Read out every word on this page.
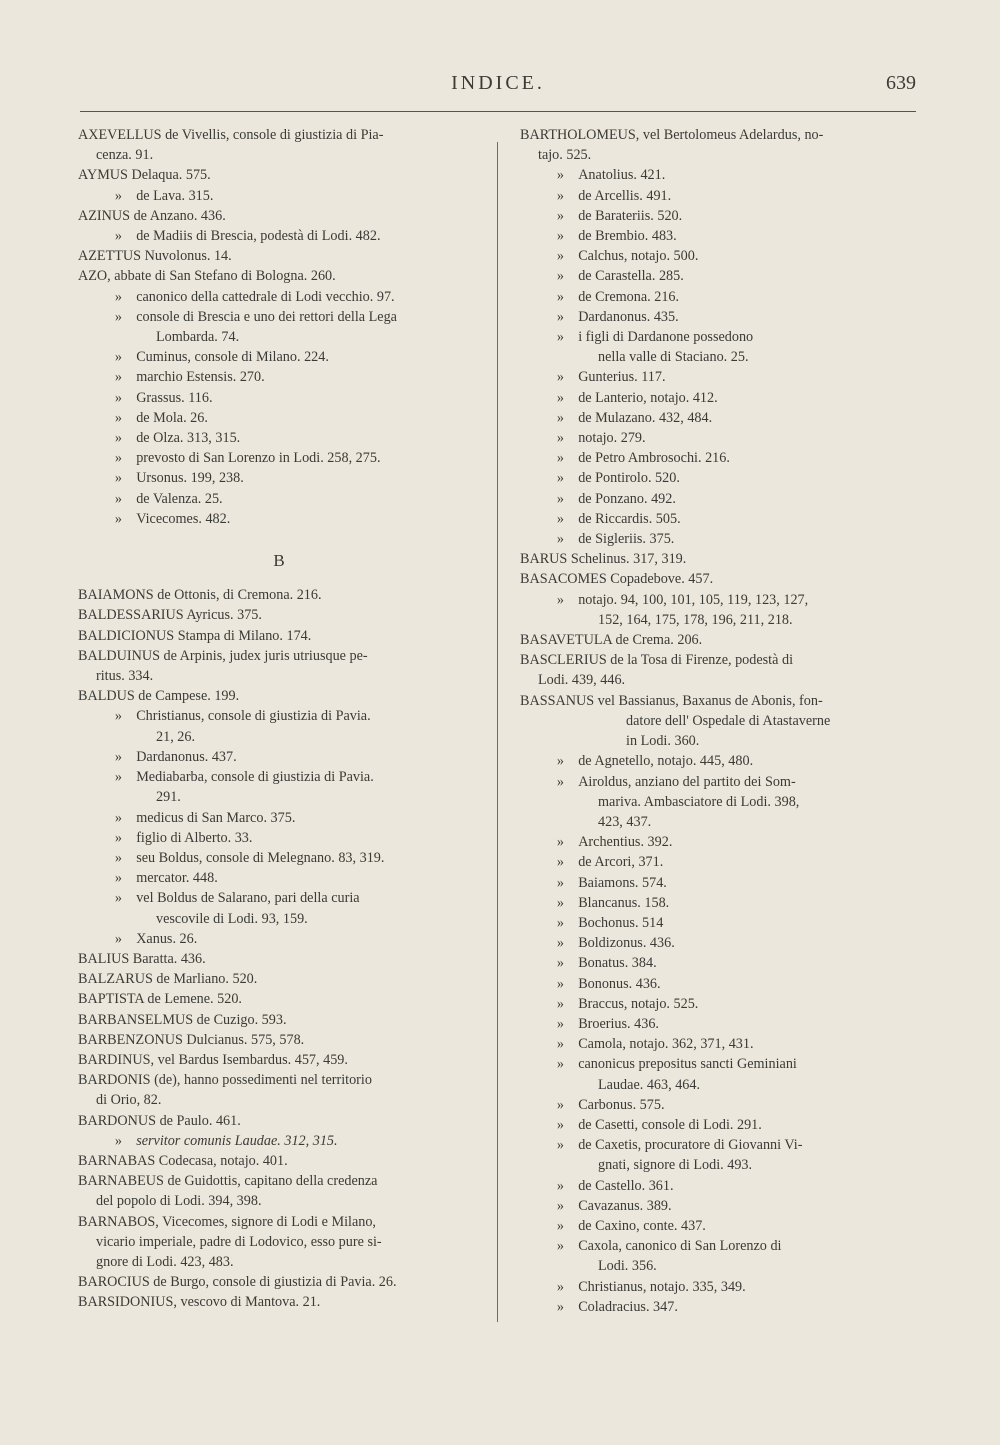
INDICE.	639
AXEVELLUS de Vivellis, console di giustizia di Pia-
cenza. 91.
AYMUS Delaqua. 575.
»  de Lava. 315.
AZINUS de Anzano. 436.
»  de Madiis di Brescia, podestà di Lodi. 482.
AZETTUS Nuvolonus. 14.
AZO, abbate di San Stefano di Bologna. 260.
»  canonico della cattedrale di Lodi vecchio. 97.
»  console di Brescia e uno dei rettori della Lega
Lombarda. 74.
»  Cuminus, console di Milano. 224.
»  marchio Estensis. 270.
»  Grassus. 116.
»  de Mola. 26.
»  de Olza. 313, 315.
»  prevosto di San Lorenzo in Lodi. 258, 275.
»  Ursonus. 199, 238.
»  de Valenza. 25.
»  Vicecomes. 482.
B
BAIAMONS de Ottonis, di Cremona. 216.
BALDESSARIUS Ayricus. 375.
BALDICIONUS Stampa di Milano. 174.
BALDUINUS de Arpinis, judex juris utriusque pe-
ritus. 334.
BALDUS de Campese. 199.
»  Christianus, console di giustizia di Pavia.
21, 26.
»  Dardanonus. 437.
»  Mediabarba, console di giustizia di Pavia.
291.
»  medicus di San Marco. 375.
»  figlio di Alberto. 33.
»  seu Boldus, console di Melegnano. 83, 319.
»  mercator. 448.
»  vel Boldus de Salarano, pari della curia
vescovile di Lodi. 93, 159.
»  Xanus. 26.
BALIUS Baratta. 436.
BALZARUS de Marliano. 520.
BAPTISTA de Lemene. 520.
BARBANSELMUS de Cuzigo. 593.
BARBENZONUS Dulcianus. 575, 578.
BARDINUS, vel Bardus Isembardus. 457, 459.
BARDONIS (de), hanno possedimenti nel territorio
di Orio, 82.
BARDONUS de Paulo. 461.
»  servitor comunis Laudae. 312, 315.
BARNABAS Codecasa, notajo. 401.
BARNABEUS de Guidottis, capitano della credenza
del popolo di Lodi. 394, 398.
BARNABOS, Vicecomes, signore di Lodi e Milano,
vicario imperiale, padre di Lodovico, esso pure si-
gnore di Lodi. 423, 483.
BAROCIUS de Burgo, console di giustizia di Pavia. 26.
BARSIDONIUS, vescovo di Mantova. 21.
BARTHOLOMEUS, vel Bertolomeus Adelardus, no-
tajo. 525.
»  Anatolius. 421.
»  de Arcellis. 491.
»  de Barateriis. 520.
»  de Brembio. 483.
»  Calchus, notajo. 500.
»  de Carastella. 285.
»  de Cremona. 216.
»  Dardanonus. 435.
»  i figli di Dardanone possedono
nella valle di Staciano. 25.
»  Gunterius. 117.
»  de Lanterio, notajo. 412.
»  de Mulazano. 432, 484.
»  notajo. 279.
»  de Petro Ambrosochi. 216.
»  de Pontirolo. 520.
»  de Ponzano. 492.
»  de Riccardis. 505.
»  de Sigleriis. 375.
BARUS Schelinus. 317, 319.
BASACOMES Copadebove. 457.
»  notajo. 94, 100, 101, 105, 119, 123, 127,
152, 164, 175, 178, 196, 211, 218.
BASAVETULA de Crema. 206.
BASCLERIUS de la Tosa di Firenze, podestà di
Lodi. 439, 446.
BASSANUS vel Bassianus, Baxanus de Abonis, fon-
datore dell' Ospedale di Atastaverne
in Lodi. 360.
»  de Agnetello, notajo. 445, 480.
»  Airoldus, anziano del partito dei Som-
mariva. Ambasciatore di Lodi. 398,
423, 437.
»  Archentius. 392.
»  de Arcori, 371.
»  Baiamons. 574.
»  Blancanus. 158.
»  Bochonus. 514
»  Boldizonus. 436.
»  Bonatus. 384.
»  Bononus. 436.
»  Braccus, notajo. 525.
»  Broerius. 436.
»  Camola, notajo. 362, 371, 431.
»  canonicus prepositus sancti Geminiani
Laudae. 463, 464.
»  Carbonus. 575.
»  de Casetti, console di Lodi. 291.
»  de Caxetis, procuratore di Giovanni Vi-
gnati, signore di Lodi. 493.
»  de Castello. 361.
»  Cavazanus. 389.
»  de Caxino, conte. 437.
»  Caxola, canonico di San Lorenzo di
Lodi. 356.
»  Christianus, notajo. 335, 349.
»  Coladracius. 347.
